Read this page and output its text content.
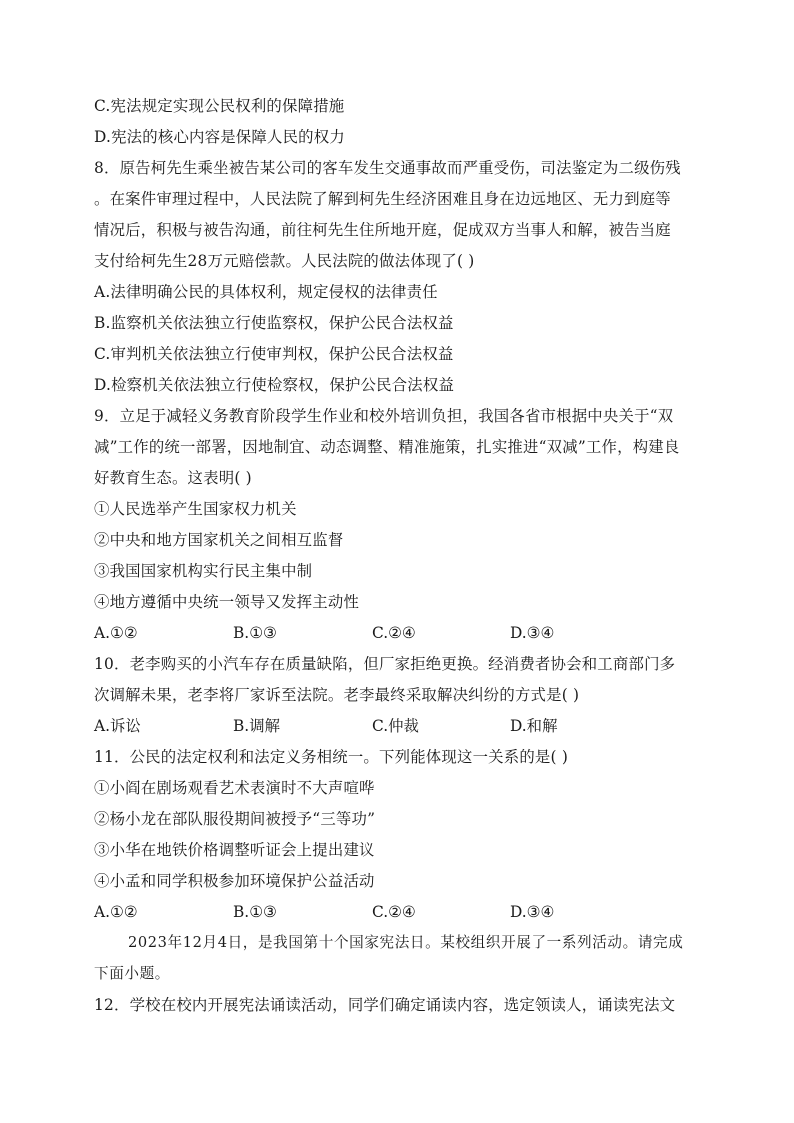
C.宪法规定实现公民权利的保障措施
D.宪法的核心内容是保障人民的权力
8．原告柯先生乘坐被告某公司的客车发生交通事故而严重受伤，司法鉴定为二级伤残
。在案件审理过程中，人民法院了解到柯先生经济困难且身在边远地区、无力到庭等
情况后，积极与被告沟通，前往柯先生住所地开庭，促成双方当事人和解，被告当庭
支付给柯先生28万元赔偿款。人民法院的做法体现了( )
A.法律明确公民的具体权利，规定侵权的法律责任
B.监察机关依法独立行使监察权，保护公民合法权益
C.审判机关依法独立行使审判权，保护公民合法权益
D.检察机关依法独立行使检察权，保护公民合法权益
9．立足于减轻义务教育阶段学生作业和校外培训负担，我国各省市根据中央关于“双
减”工作的统一部署，因地制宜、动态调整、精准施策，扎实推进“双减”工作，构建良
好教育生态。这表明( )
①人民选举产生国家权力机关
②中央和地方国家机关之间相互监督
③我国国家机构实行民主集中制
④地方遵循中央统一领导又发挥主动性
A.①②	B.①③	C.②④	D.③④
10．老李购买的小汽车存在质量缺陷，但厂家拒绝更换。经消费者协会和工商部门多
次调解未果，老李将厂家诉至法院。老李最终采取解决纠纷的方式是( )
A.诉讼	B.调解	C.仲裁	D.和解
11．公民的法定权利和法定义务相统一。下列能体现这一关系的是( )
①小阎在剧场观看艺术表演时不大声喧哗
②杨小龙在部队服役期间被授予“三等功”
③小华在地铁价格调整听证会上提出建议
④小孟和同学积极参加环境保护公益活动
A.①②	B.①③	C.②④	D.③④
2023年12月4日，是我国第十个国家宪法日。某校组织开展了一系列活动。请完成
下面小题。
12．学校在校内开展宪法诵读活动，同学们确定诵读内容，选定领读人，诵读宪法文
